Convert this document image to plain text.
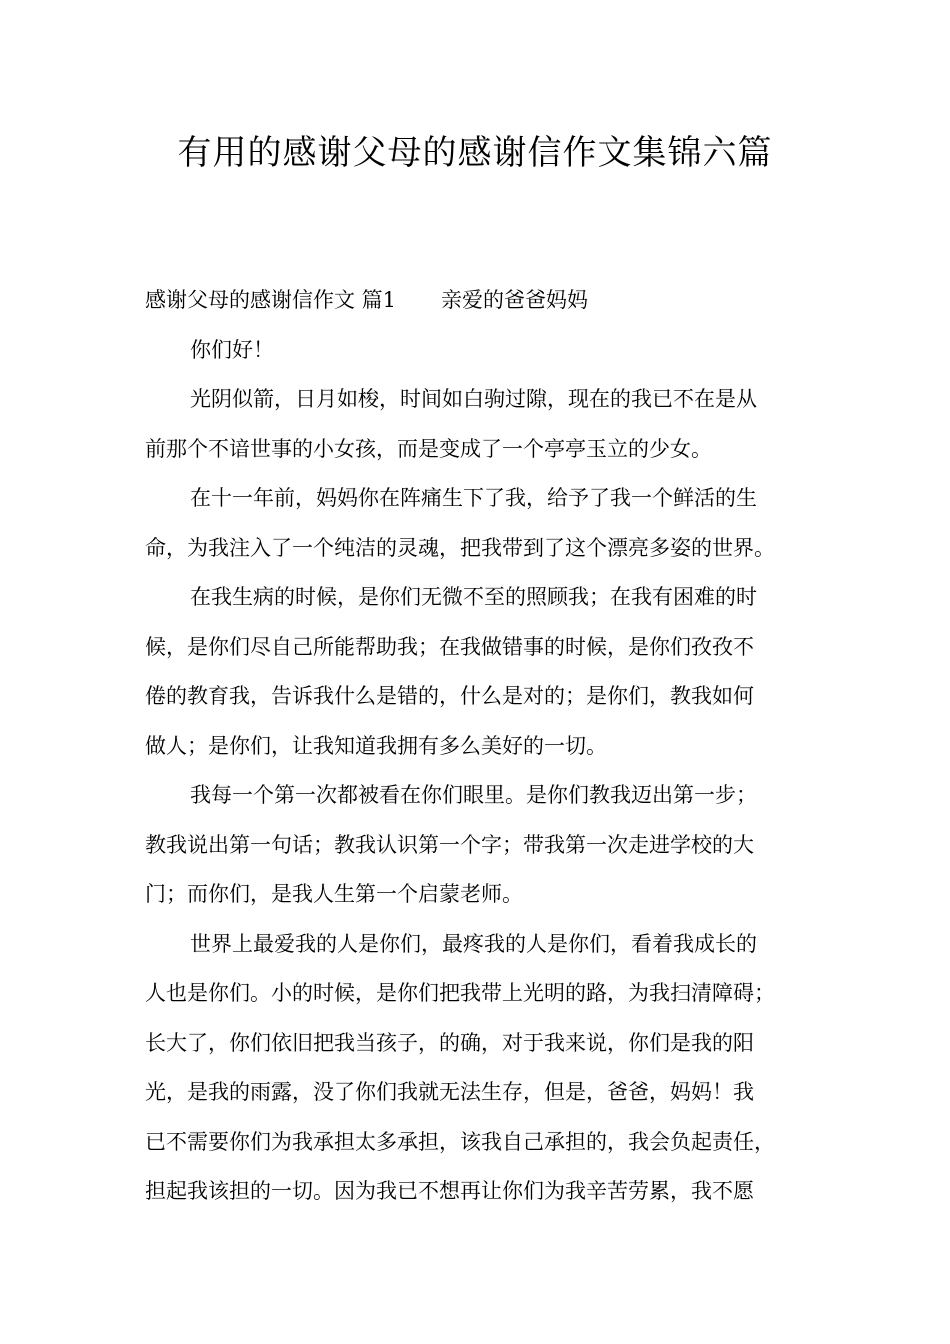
有用的感谢父母的感谢信作文集锦六篇
感谢父母的感谢信作文 篇1 亲爱的爸爸妈妈
你们好！
光阴似箭，日月如梭，时间如白驹过隙，现在的我已不在是从
前那个不谙世事的小女孩，而是变成了一个亭亭玉立的少女。
在十一年前，妈妈你在阵痛生下了我，给予了我一个鲜活的生
命，为我注入了一个纯洁的灵魂，把我带到了这个漂亮多姿的世界。
在我生病的时候，是你们无微不至的照顾我；在我有困难的时
候，是你们尽自己所能帮助我；在我做错事的时候，是你们孜孜不
倦的教育我，告诉我什么是错的，什么是对的；是你们，教我如何
做人；是你们，让我知道我拥有多么美好的一切。
我每一个第一次都被看在你们眼里。是你们教我迈出第一步；
教我说出第一句话；教我认识第一个字；带我第一次走进学校的大
门；而你们，是我人生第一个启蒙老师。
世界上最爱我的人是你们，最疼我的人是你们，看着我成长的
人也是你们。小的时候，是你们把我带上光明的路，为我扫清障碍；
长大了，你们依旧把我当孩子，的确，对于我来说，你们是我的阳
光，是我的雨露，没了你们我就无法生存，但是，爸爸，妈妈！我
已不需要你们为我承担太多承担，该我自己承担的，我会负起责任，
担起我该担的一切。因为我已不想再让你们为我辛苦劳累，我不愿
